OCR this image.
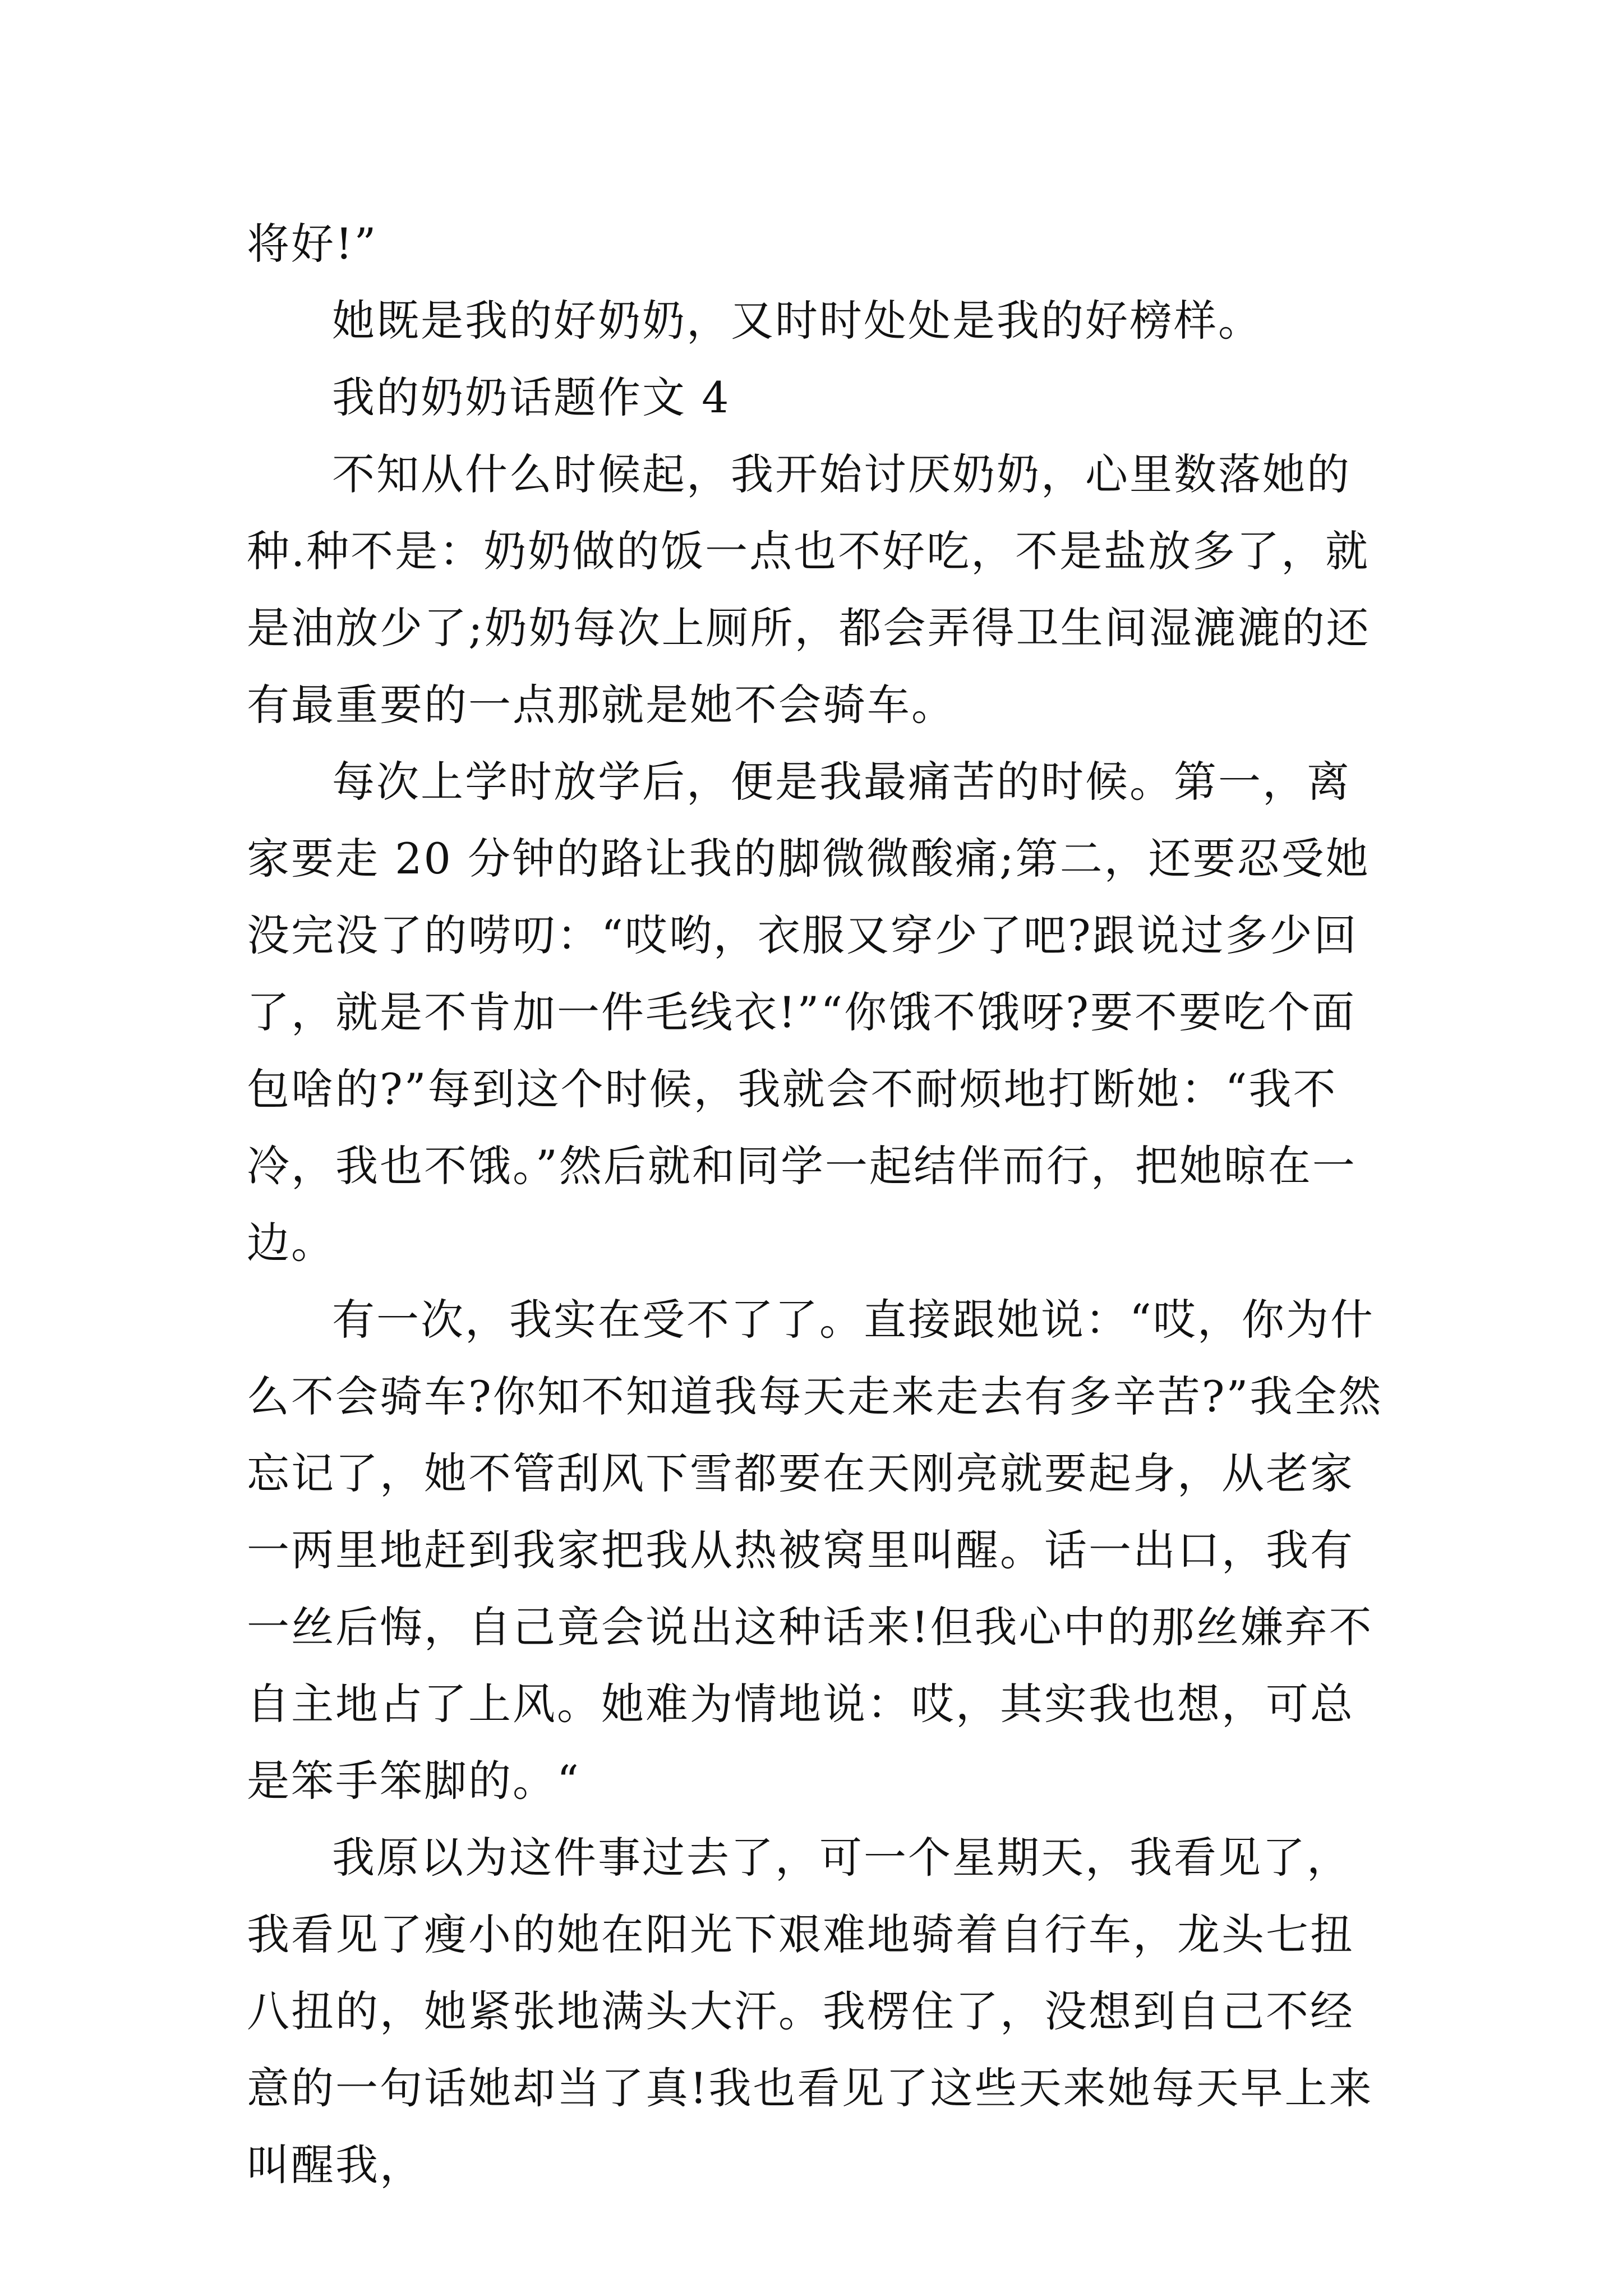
将好!”

她既是我的好奶奶，又时时处处是我的好榜样。

我的奶奶话题作文 4

不知从什么时候起，我开始讨厌奶奶，心里数落她的种.种不是：奶奶做的饭一点也不好吃，不是盐放多了，就是油放少了;奶奶每次上厕所，都会弄得卫生间湿漉漉的还有最重要的一点那就是她不会骑车。

每次上学时放学后，便是我最痛苦的时候。第一，离家要走 20 分钟的路让我的脚微微酸痛;第二，还要忍受她没完没了的唠叨：“哎哟，衣服又穿少了吧?跟说过多少回了，就是不肯加一件毛线衣!”“你饿不饿呀?要不要吃个面包啥的?”每到这个时候，我就会不耐烦地打断她：“我不冷，我也不饿。”然后就和同学一起结伴而行，把她晾在一边。

有一次，我实在受不了了。直接跟她说：“哎，你为什么不会骑车?你知不知道我每天走来走去有多辛苦?”我全然忘记了，她不管刮风下雪都要在天刚亮就要起身，从老家一两里地赶到我家把我从热被窝里叫醒。话一出口，我有一丝后悔，自己竟会说出这种话来!但我心中的那丝嫌弃不自主地占了上风。她难为情地说：哎，其实我也想，可总是笨手笨脚的。“

我原以为这件事过去了，可一个星期天，我看见了，我看见了瘦小的她在阳光下艰难地骑着自行车，龙头七扭八扭的，她紧张地满头大汗。我楞住了，没想到自己不经意的一句话她却当了真!我也看见了这些天来她每天早上来叫醒我，
